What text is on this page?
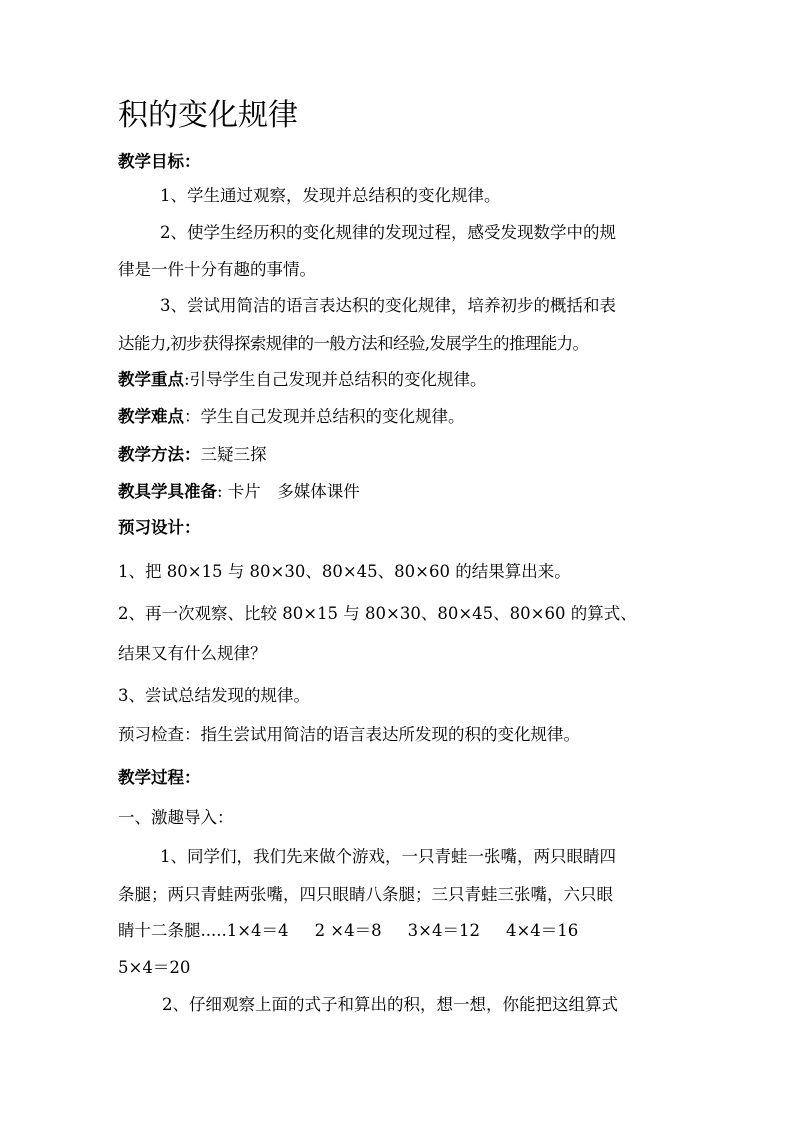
积的变化规律
教学目标：
1、学生通过观察，发现并总结积的变化规律。
2、使学生经历积的变化规律的发现过程，感受发现数学中的规
律是一件十分有趣的事情。
3、尝试用简洁的语言表达积的变化规律，培养初步的概括和表
达能力,初步获得探索规律的一般方法和经验,发展学生的推理能力。
教学重点:引导学生自己发现并总结积的变化规律。
教学难点：学生自己发现并总结积的变化规律。
教学方法：三疑三探
教具学具准备: 卡片　多媒体课件
预习设计：
1、把 80×15 与 80×30、80×45、80×60 的结果算出来。
2、再一次观察、比较 80×15 与 80×30、80×45、80×60 的算式、
结果又有什么规律？
3、尝试总结发现的规律。
预习检查：指生尝试用简洁的语言表达所发现的积的变化规律。
教学过程：
一、激趣导入：
1、同学们，我们先来做个游戏，一只青蛙一张嘴，两只眼睛四
条腿；两只青蛙两张嘴，四只眼睛八条腿；三只青蛙三张嘴，六只眼
睛十二条腿.....1×4＝4 2 ×4＝8 3×4＝12 4×4＝16
5×4＝20
2、仔细观察上面的式子和算出的积，想一想，你能把这组算式
